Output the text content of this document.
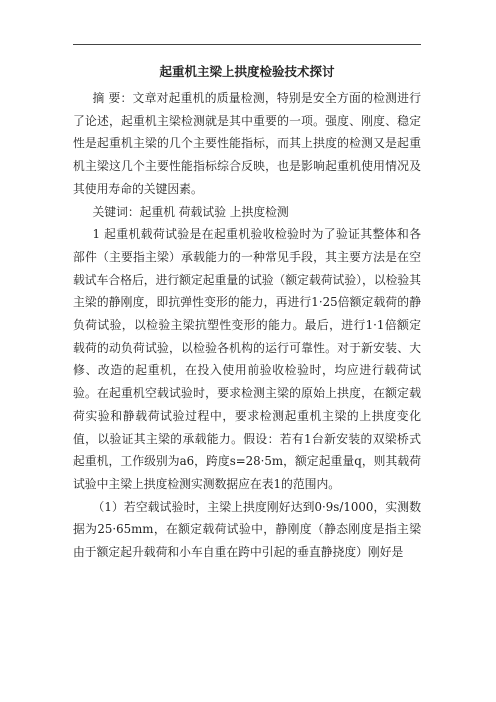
起重机主梁上拱度检验技术探讨

摘 要：文章对起重机的质量检测，特别是安全方面的检测进行了论述，起重机主梁检测就是其中重要的一项。强度、刚度、稳定性是起重机主梁的几个主要性能指标，而其上拱度的检测又是起重机主梁这几个主要性能指标综合反映，也是影响起重机使用情况及其使用寿命的关键因素。

关键词：起重机 荷载试验 上拱度检测

1 起重机载荷试验是在起重机验收检验时为了验证其整体和各部件（主要指主梁）承载能力的一种常见手段，其主要方法是在空载试车合格后，进行额定起重量的试验（额定载荷试验），以检验其主梁的静刚度，即抗弹性变形的能力，再进行1·25倍额定载荷的静负荷试验，以检验主梁抗塑性变形的能力。最后，进行1·1倍额定载荷的动负荷试验，以检验各机构的运行可靠性。对于新安装、大修、改造的起重机，在投入使用前验收检验时，均应进行载荷试验。在起重机空载试验时，要求检测主梁的原始上拱度，在额定载荷实验和静载荷试验过程中，要求检测起重机主梁的上拱度变化值，以验证其主梁的承载能力。假设：若有1台新安装的双梁桥式起重机，工作级别为a6，跨度s=28·5m，额定起重量q，则其载荷试验中主梁上拱度检测实测数据应在表1的范围内。

（1）若空载试验时，主梁上拱度刚好达到0·9s/1000，实测数据为25·65mm，在额定载荷试验中，静刚度（静态刚度是指主梁由于额定起升载荷和小车自重在跨中引起的垂直静挠度）刚好是
